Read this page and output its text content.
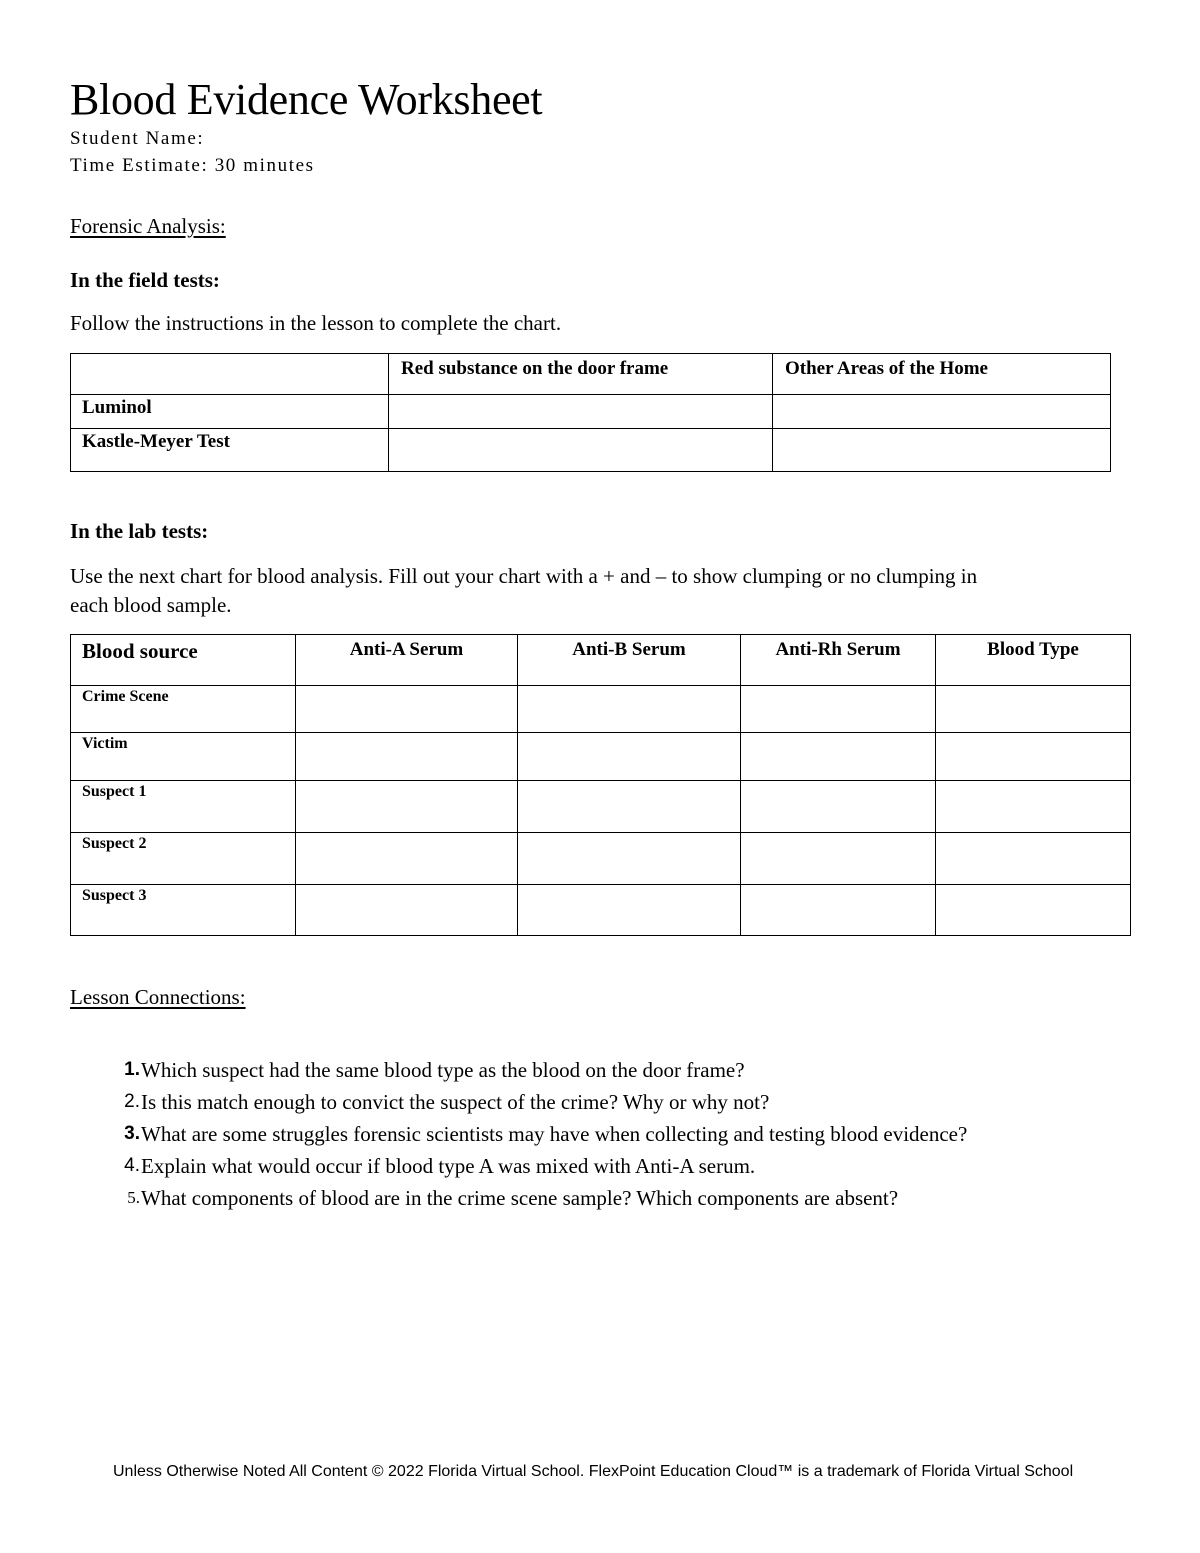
Blood Evidence Worksheet
Student Name:
Time Estimate: 30 minutes
Forensic Analysis:
In the field tests:
Follow the instructions in the lesson to complete the chart.
	Red substance on the door frame	Other Areas of the Home
Luminol		
Kastle-Meyer Test		
In the lab tests:
Use the next chart for blood analysis. Fill out your chart with a + and – to show clumping or no clumping in
each blood sample.
Blood source	Anti-A Serum	Anti-B Serum	Anti-Rh Serum	Blood Type
Crime Scene				
Victim				
Suspect 1				
Suspect 2				
Suspect 3				
Lesson Connections:
1. Which suspect had the same blood type as the blood on the door frame?
2. Is this match enough to convict the suspect of the crime? Why or why not?
3. What are some struggles forensic scientists may have when collecting and testing blood evidence?
4. Explain what would occur if blood type A was mixed with Anti-A serum.
5. What components of blood are in the crime scene sample? Which components are absent?
Unless Otherwise Noted All Content © 2022 Florida Virtual School. FlexPoint Education Cloud™ is a trademark of Florida Virtual School
